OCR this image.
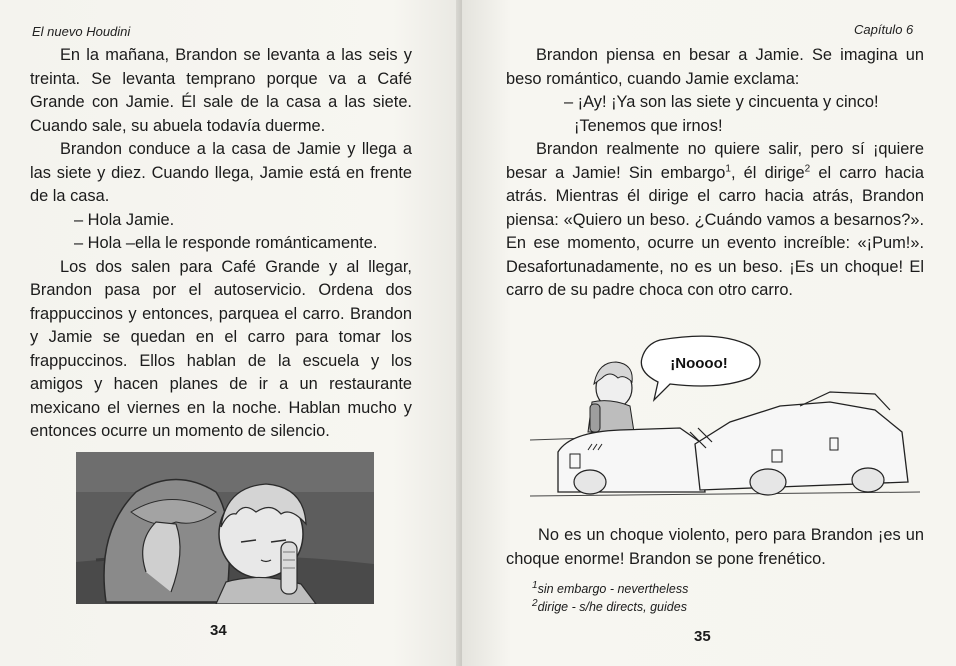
El nuevo Houdini

En la mañana, Brandon se levanta a las seis y treinta. Se levanta temprano porque va a Café Grande con Jamie. Él sale de la casa a las siete. Cuando sale, su abuela todavía duerme.

Brandon conduce a la casa de Jamie y llega a las siete y diez. Cuando llega, Jamie está en frente de la casa.

– Hola Jamie.

– Hola –ella le responde románticamente.

Los dos salen para Café Grande y al llegar, Brandon pasa por el autoservicio. Ordena dos frappuccinos y entonces, parquea el carro. Brandon y Jamie se quedan en el carro para tomar los frappuccinos. Ellos hablan de la escuela y los amigos y hacen planes de ir a un restaurante mexicano el viernes en la noche. Hablan mucho y entonces ocurre un momento de silencio.

34
Capítulo 6

Brandon piensa en besar a Jamie. Se imagina un beso romántico, cuando Jamie exclama:

– ¡Ay! ¡Ya son las siete y cincuenta y cinco!

¡Tenemos que irnos!

Brandon realmente no quiere salir, pero sí ¡quiere besar a Jamie! Sin embargo$^1$, él dirige$^2$ el carro hacia atrás. Mientras él dirige el carro hacia atrás, Brandon piensa: «Quiero un beso. ¿Cuándo vamos a besarnos?». En ese momento, ocurre un evento increíble: «¡Pum!». Desafortunadamente, no es un beso. ¡Es un choque! El carro de su padre choca con otro carro.

¡Noooo!

No es un choque violento, pero para Brandon ¡es un choque enorme! Brandon se pone frenético.

$^1$sin embargo - nevertheless
$^2$dirige - s/he directs, guides
35
